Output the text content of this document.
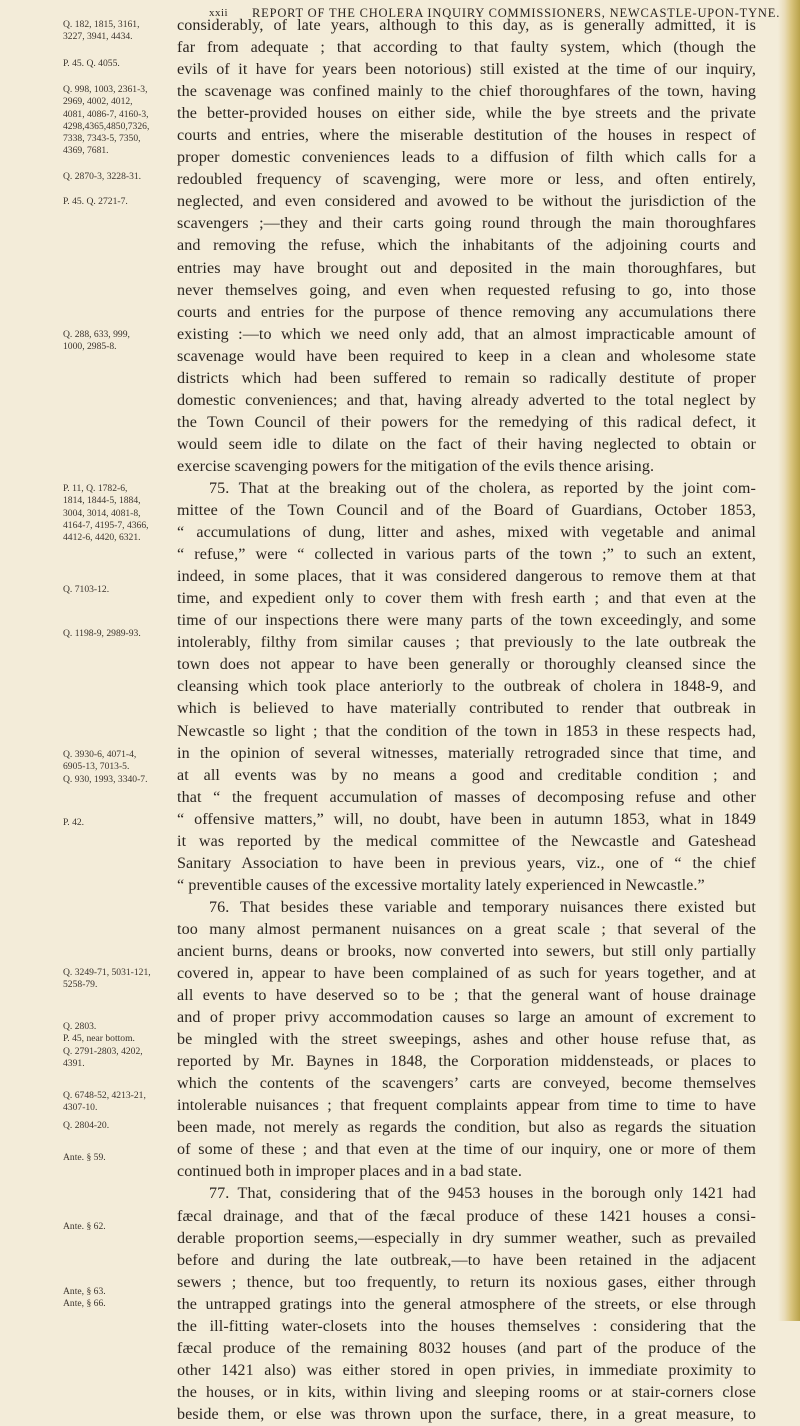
xxii REPORT OF THE CHOLERA INQUIRY COMMISSIONERS, NEWCASTLE-UPON-TYNE.
Q. 182, 1815, 3161,
3227, 3941, 4434.
P. 45. Q. 4055.
Q. 998, 1003, 2361-3,
2969, 4002, 4012,
4081, 4086-7, 4160-3,
4298,4365,4850,7326,
7338, 7343-5, 7350,
4369, 7681.
Q. 2870-3, 3228-31.
P. 45. Q. 2721-7.
Q. 288, 633, 999,
1000, 2985-8.
P. 11, Q. 1782-6,
1814, 1844-5, 1884,
3004, 3014, 4081-8,
4164-7, 4195-7, 4366,
4412-6, 4420, 6321.
Q. 7103-12.
Q. 1198-9, 2989-93.
Q. 3930-6, 4071-4,
6905-13, 7013-5.
Q. 930, 1993, 3340-7.
P. 42.
Q. 3249-71, 5031-121,
5258-79.
Q. 2803.
P. 45, near bottom.
Q. 2791-2803, 4202,
4391.
Q. 6748-52, 4213-21,
4307-10.
Q. 2804-20.
Ante. § 59.
Ante. § 62.
Ante, § 63.
Ante, § 66.
considerably, of late years, although to this day, as is generally admitted, it is
far from adequate ; that according to that faulty system, which (though the
evils of it have for years been notorious) still existed at the time of our inquiry,
the scavenage was confined mainly to the chief thoroughfares of the town, having
the better-provided houses on either side, while the bye streets and the private
courts and entries, where the miserable destitution of the houses in respect of
proper domestic conveniences leads to a diffusion of filth which calls for a
redoubled frequency of scavenging, were more or less, and often entirely,
neglected, and even considered and avowed to be without the jurisdiction of the
scavengers ;—they and their carts going round through the main thoroughfares
and removing the refuse, which the inhabitants of the adjoining courts and
entries may have brought out and deposited in the main thoroughfares, but
never themselves going, and even when requested refusing to go, into those
courts and entries for the purpose of thence removing any accumulations there
existing :—to which we need only add, that an almost impracticable amount of
scavenage would have been required to keep in a clean and wholesome state
districts which had been suffered to remain so radically destitute of proper
domestic conveniences; and that, having already adverted to the total neglect by
the Town Council of their powers for the remedying of this radical defect, it
would seem idle to dilate on the fact of their having neglected to obtain or
exercise scavenging powers for the mitigation of the evils thence arising.
75. That at the breaking out of the cholera, as reported by the joint com-
mittee of the Town Council and of the Board of Guardians, October 1853,
“ accumulations of dung, litter and ashes, mixed with vegetable and animal
“ refuse,” were “ collected in various parts of the town ;” to such an extent,
indeed, in some places, that it was considered dangerous to remove them at that
time, and expedient only to cover them with fresh earth ; and that even at the
time of our inspections there were many parts of the town exceedingly, and some
intolerably, filthy from similar causes ; that previously to the late outbreak the
town does not appear to have been generally or thoroughly cleansed since the
cleansing which took place anteriorly to the outbreak of cholera in 1848-9, and
which is believed to have materially contributed to render that outbreak in
Newcastle so light ; that the condition of the town in 1853 in these respects had,
in the opinion of several witnesses, materially retrograded since that time, and
at all events was by no means a good and creditable condition ; and
that “ the frequent accumulation of masses of decomposing refuse and other
“ offensive matters,” will, no doubt, have been in autumn 1853, what in 1849
it was reported by the medical committee of the Newcastle and Gateshead
Sanitary Association to have been in previous years, viz., one of “ the chief
“ preventible causes of the excessive mortality lately experienced in Newcastle.”
76. That besides these variable and temporary nuisances there existed but
too many almost permanent nuisances on a great scale ; that several of the
ancient burns, deans or brooks, now converted into sewers, but still only partially
covered in, appear to have been complained of as such for years together, and at
all events to have deserved so to be ; that the general want of house drainage
and of proper privy accommodation causes so large an amount of excrement to
be mingled with the street sweepings, ashes and other house refuse that, as
reported by Mr. Baynes in 1848, the Corporation middensteads, or places to
which the contents of the scavengers’ carts are conveyed, become themselves
intolerable nuisances ; that frequent complaints appear from time to time to have
been made, not merely as regards the condition, but also as regards the situation
of some of these ; and that even at the time of our inquiry, one or more of them
continued both in improper places and in a bad state.
77. That, considering that of the 9453 houses in the borough only 1421 had
fæcal drainage, and that of the fæcal produce of these 1421 houses a consi-
derable proportion seems,—especially in dry summer weather, such as prevailed
before and during the late outbreak,—to have been retained in the adjacent
sewers ; thence, but too frequently, to return its noxious gases, either through
the untrapped gratings into the general atmosphere of the streets, or else through
the ill-fitting water-closets into the houses themselves : considering that the
fæcal produce of the remaining 8032 houses (and part of the produce of the
other 1421 also) was either stored in open privies, in immediate proximity to
the houses, or in kits, within living and sleeping rooms or at stair-corners close
beside them, or else was thrown upon the surface, there, in a great measure, to
